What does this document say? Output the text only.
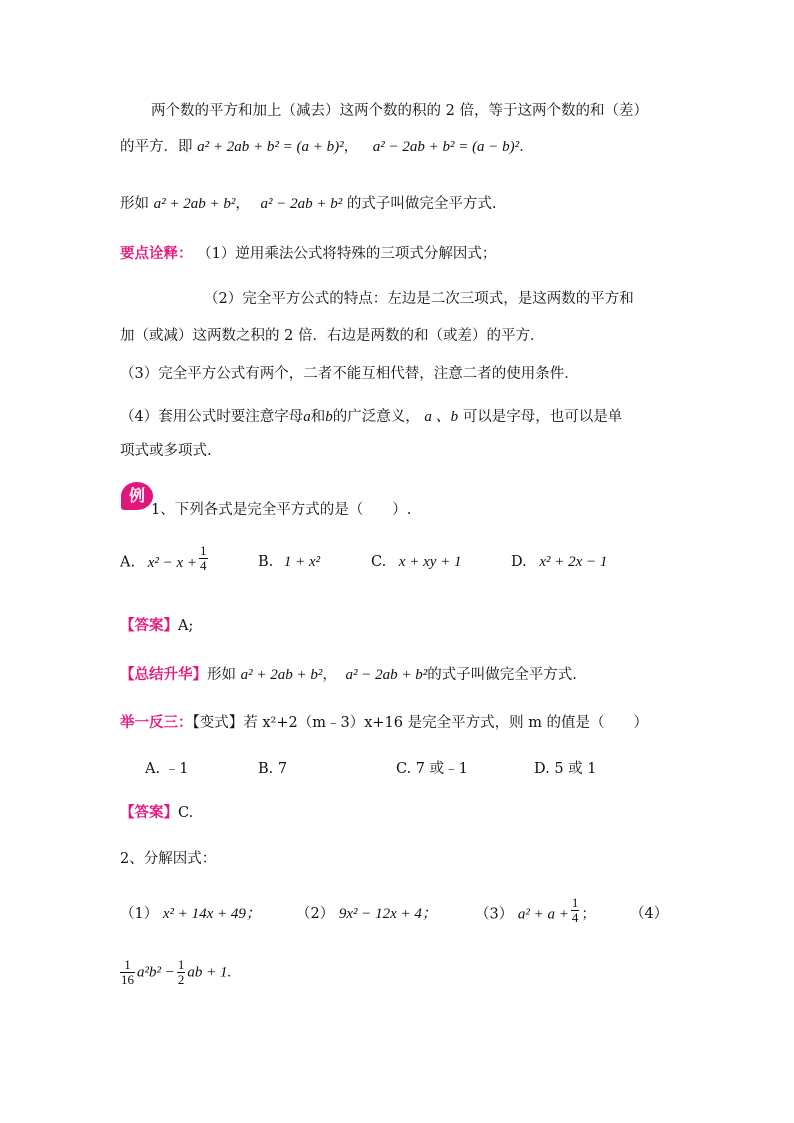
两个数的平方和加上（减去）这两个数的积的 2 倍，等于这两个数的和（差）
的平方．即 a² + 2ab + b² = (a + b)²， a² − 2ab + b² = (a − b)²．
形如 a² + 2ab + b²， a² − 2ab + b² 的式子叫做完全平方式.
要点诠释： （1）逆用乘法公式将特殊的三项式分解因式；
（2）完全平方公式的特点：左边是二次三项式，是这两数的平方和
加（或减）这两数之积的 2 倍．右边是两数的和（或差）的平方．
（3）完全平方公式有两个，二者不能互相代替，注意二者的使用条件．
（4）套用公式时要注意字母a和b的广泛意义， a 、b 可以是字母，也可以是单
项式或多项式.
例
1、下列各式是完全平方式的是（　　）.
A. $x^2 - x + \frac{1}{4}$	B. 1 + x²	C. x + xy + 1	D. x² + 2x − 1
【答案】A;
【总结升华】形如 a² + 2ab + b²， a² − 2ab + b²的式子叫做完全平方式.
举一反三：【变式】若 x²+2（m﹣3）x+16 是完全平方式，则 m 的值是（　　）
A. ﹣1	B. 7	C. 7 或﹣1	D. 5 或 1
【答案】C.
2、分解因式：
（1） x² + 14x + 49； （2） 9x² − 12x + 4；	（3） $a^2 + a + \frac{1}{4}$ ； （4）
$\frac{1}{16} a^2b^2 - \frac{1}{2}$ ab + 1.
